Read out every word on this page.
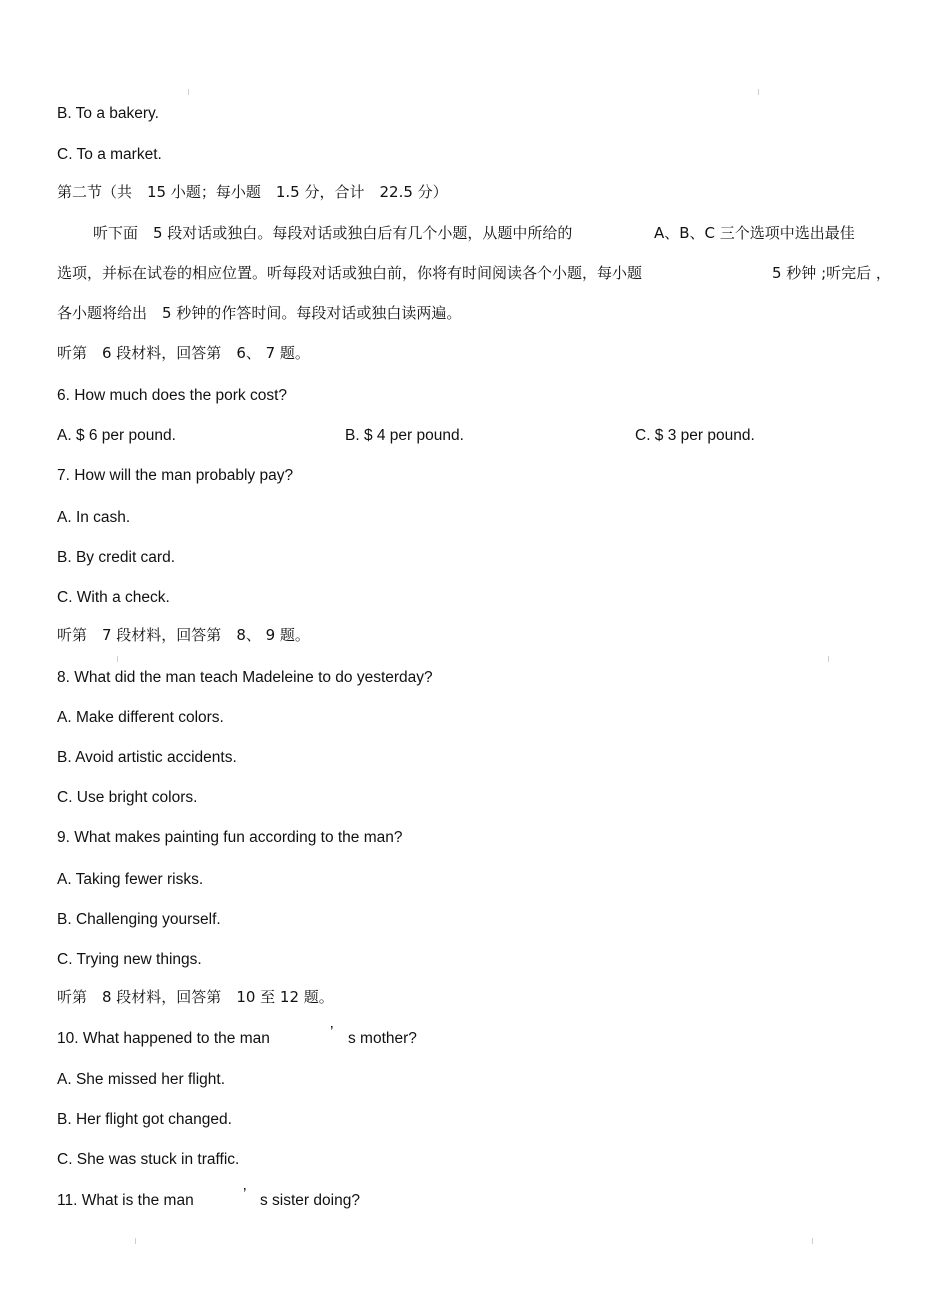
B. To a bakery.
C. To a market.
第二节（共　15 小题；每小题　1.5 分，合计　22.5 分）
听下面　5 段对话或独白。每段对话或独白后有几个小题，从题中所给的	A、B、C 三个选项中选出最佳
选项，并标在试卷的相应位置。听每段对话或独白前，你将有时间阅读各个小题，每小题	5 秒钟 ;听完后 ，
各小题将给出　5 秒钟的作答时间。每段对话或独白读两遍。
听第　6 段材料，回答第　6、 7 题。
6. How much does the pork cost?
A. $ 6 per pound.	B. $ 4 per pound.	C. $ 3 per pound.
7. How will the man probably pay?
A. In cash.
B. By credit card.
C. With a check.
听第　7 段材料，回答第　8、 9 题。
8. What did the man teach Madeleine to do yesterday?
A. Make different colors.
B. Avoid artistic accidents.
C. Use bright colors.
9. What makes painting fun according to the man?
A. Taking fewer risks.
B. Challenging yourself.
C. Trying new things.
听第　8 段材料，回答第　10 至 12 题。
10. What happened to the man	’ s mother?
A. She missed her flight.
B. Her flight got changed.
C. She was stuck in traffic.
11. What is the man	’ s sister doing?
